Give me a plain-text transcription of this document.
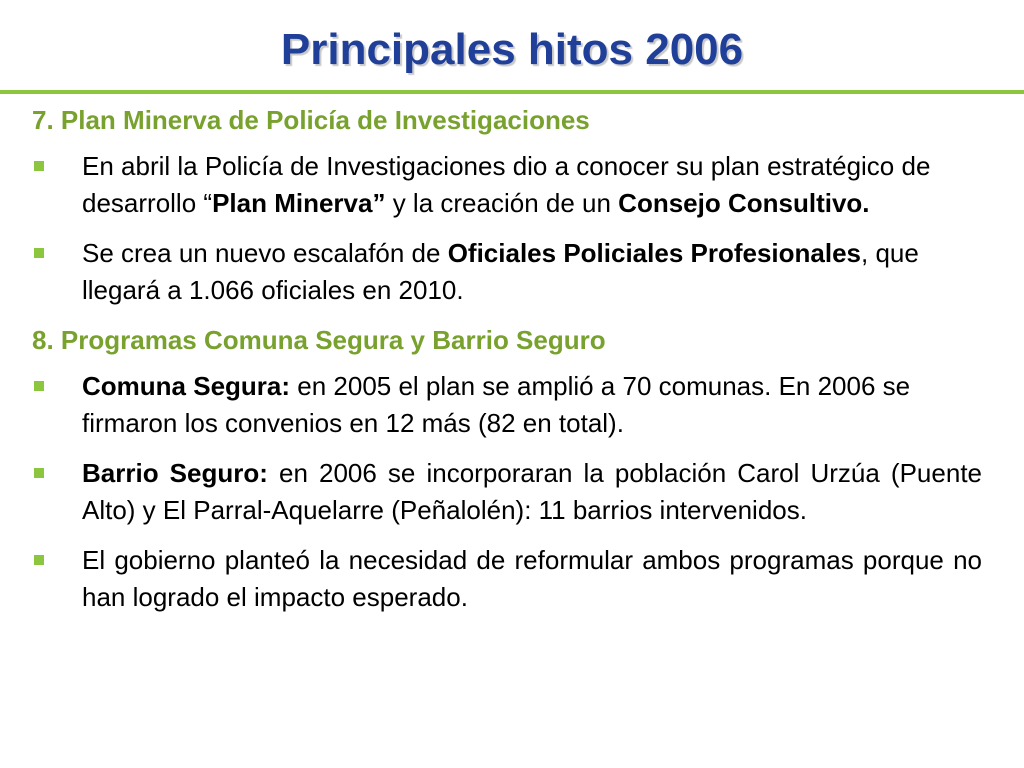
Principales hitos 2006
7. Plan Minerva de Policía de Investigaciones
En abril la Policía de Investigaciones dio a conocer su plan estratégico de desarrollo “Plan Minerva” y la creación de un Consejo Consultivo.
Se crea un nuevo escalafón de Oficiales Policiales Profesionales, que llegará a 1.066 oficiales en 2010.
8. Programas Comuna Segura y Barrio Seguro
Comuna Segura: en 2005 el plan se amplió a 70 comunas. En 2006 se firmaron los convenios en 12 más (82 en total).
Barrio Seguro: en 2006 se incorporaran la población Carol Urzúa (Puente Alto) y El Parral-Aquelarre (Peñalolén): 11 barrios intervenidos.
El gobierno planteó la necesidad de reformular ambos programas porque no han logrado el impacto esperado.
